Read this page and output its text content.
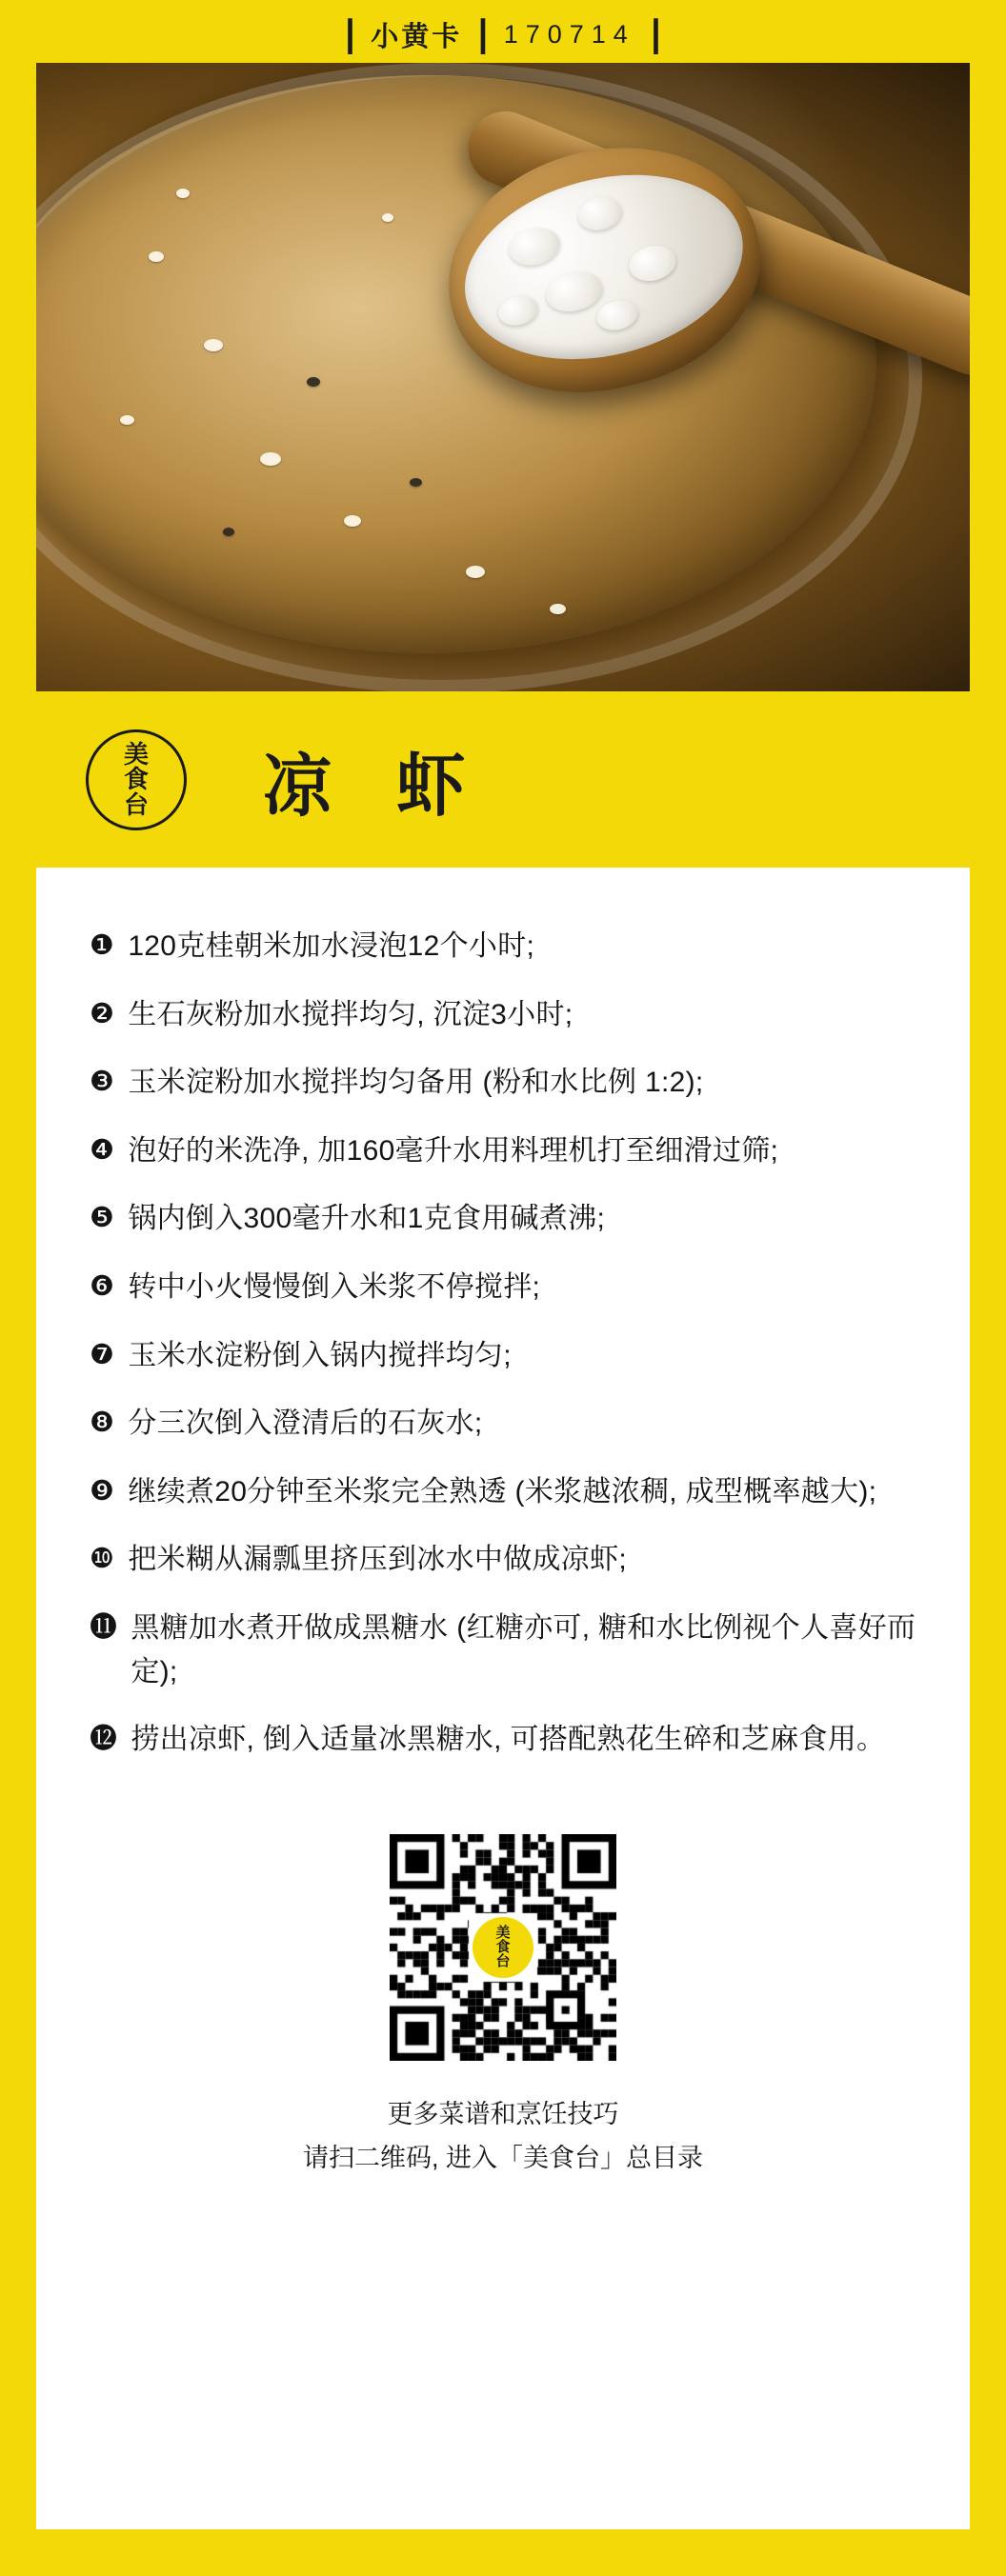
❙ 小黄卡 ❙ 170714 ❙
美
食
台 凉 虾
❶ 120克桂朝米加水浸泡12个小时;
❷ 生石灰粉加水搅拌均匀, 沉淀3小时;
❸ 玉米淀粉加水搅拌均匀备用 (粉和水比例 1:2);
❹ 泡好的米洗净, 加160毫升水用料理机打至细滑过筛;
❺ 锅内倒入300毫升水和1克食用碱煮沸;
❻ 转中小火慢慢倒入米浆不停搅拌;
❼ 玉米水淀粉倒入锅内搅拌均匀;
❽ 分三次倒入澄清后的石灰水;
❾ 继续煮20分钟至米浆完全熟透 (米浆越浓稠, 成型概率越大);
❿ 把米糊从漏瓢里挤压到冰水中做成凉虾;
⓫ 黑糖加水煮开做成黑糖水 (红糖亦可, 糖和水比例视个人喜好而定);
⓬ 捞出凉虾, 倒入适量冰黑糖水, 可搭配熟花生碎和芝麻食用。
美
食
台
更多菜谱和烹饪技巧
请扫二维码, 进入「美食台」总目录
